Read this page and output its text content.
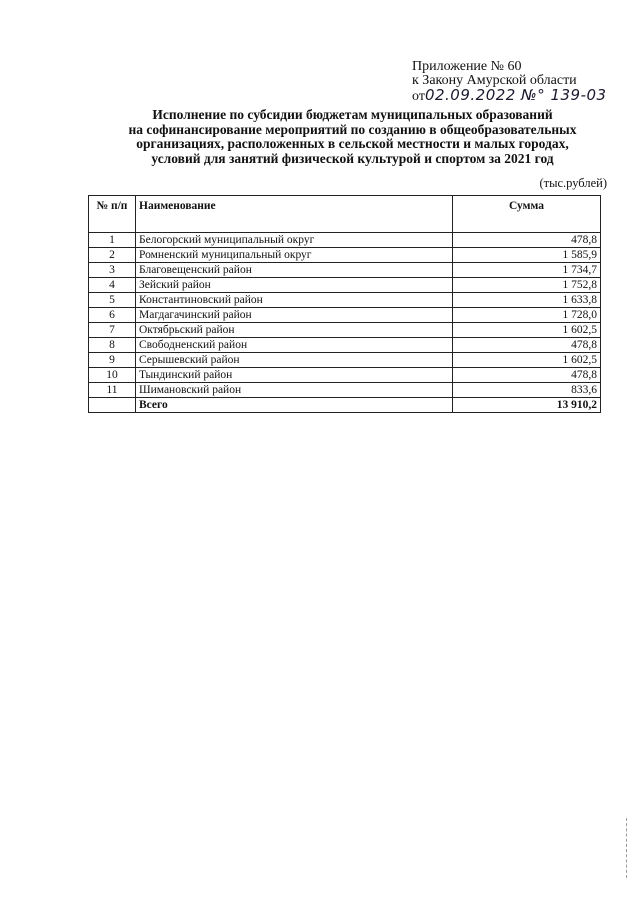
Приложение № 60
к Закону Амурской области
от02.09.2022 №° 139-03
Исполнение по субсидии бюджетам муниципальных образований
на софинансирование мероприятий по созданию в общеобразовательных
организациях, расположенных в сельской местности и малых городах,
условий для занятий физической культурой и спортом за 2021 год
(тыс.рублей)
№ п/п	Наименование	Сумма
1	Белогорский муниципальный округ	478,8
2	Ромненский муниципальный округ	1 585,9
3	Благовещенский район	1 734,7
4	Зейский район	1 752,8
5	Константиновский район	1 633,8
6	Магдагачинский район	1 728,0
7	Октябрьский район	1 602,5
8	Свободненский район	478,8
9	Серышевский район	1 602,5
10	Тындинский район	478,8
11	Шимановский район	833,6
	Всего	13 910,2
